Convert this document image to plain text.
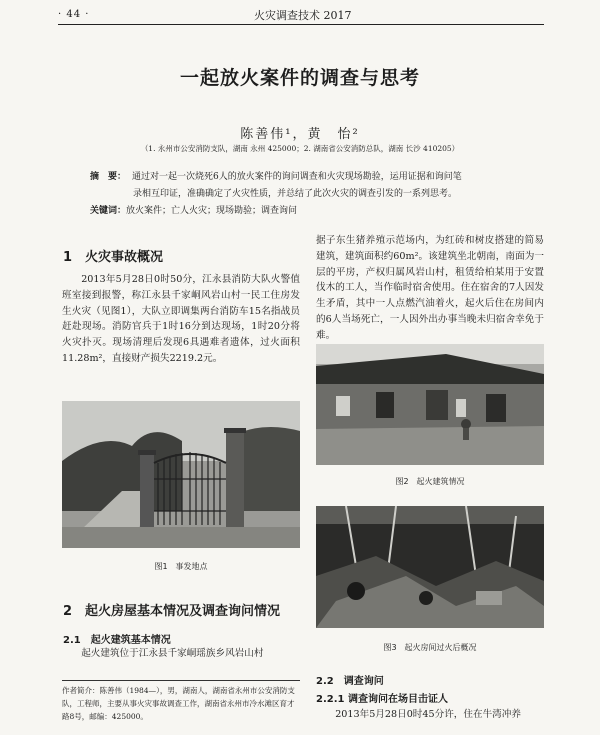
· 44 ·	火灾调查技术 2017
一起放火案件的调查与思考
陈善伟¹，黄　怡²
（1. 永州市公安消防支队，湖南 永州 425000；2. 湖南省公安消防总队，湖南 长沙 410205）
摘　要： 通过对一起一次烧死6人的放火案件的询问调查和火灾现场勘验，运用证据和询问笔
录相互印证，准确确定了火灾性质，并总结了此次火灾的调查引发的一系列思考。
关键词：放火案件；亡人火灾；现场勘验；调查询问
1　火灾事故概况
2013年5月28日0时50分，江永县消防大队火警值班室接到报警，称江永县千家峒风岩山村一民工住房发生火灾（见图1），大队立即调集两台消防车15名指战员赶赴现场。消防官兵于1时16分到达现场，1时20分将火灾扑灭。现场清理后发现6具遇难者遗体，过火面积11.28m²，直接财产损失2219.2元。
图1　事发地点
2　起火房屋基本情况及调查询问情况
2.1　起火建筑基本情况
起火建筑位于江永县千家峒瑶族乡风岩山村
作者简介：陈善伟（1984—），男，湖南人，湖南省永州市公安消防支队，工程师，主要从事火灾事故调查工作，湖南省永州市冷水滩区育才路8号，邮编：425000。
据子东生猪养殖示范场内，为红砖和树皮搭建的简易建筑，建筑面积约60m²。该建筑坐北朝南，南面为一层的平房，产权归属风岩山村，租赁给柏某用于安置伐木的工人，当作临时宿舍使用。住在宿舍的7人因发生矛盾，其中一人点燃汽油着火，起火后住在房间内的6人当场死亡，一人因外出办事当晚未归宿舍幸免于难。
图2　起火建筑情况
图3　起火房间过火后概况
2.2　调查询问
2.2.1 调查询问在场目击证人
2013年5月28日0时45分许，住在牛湾冲养
